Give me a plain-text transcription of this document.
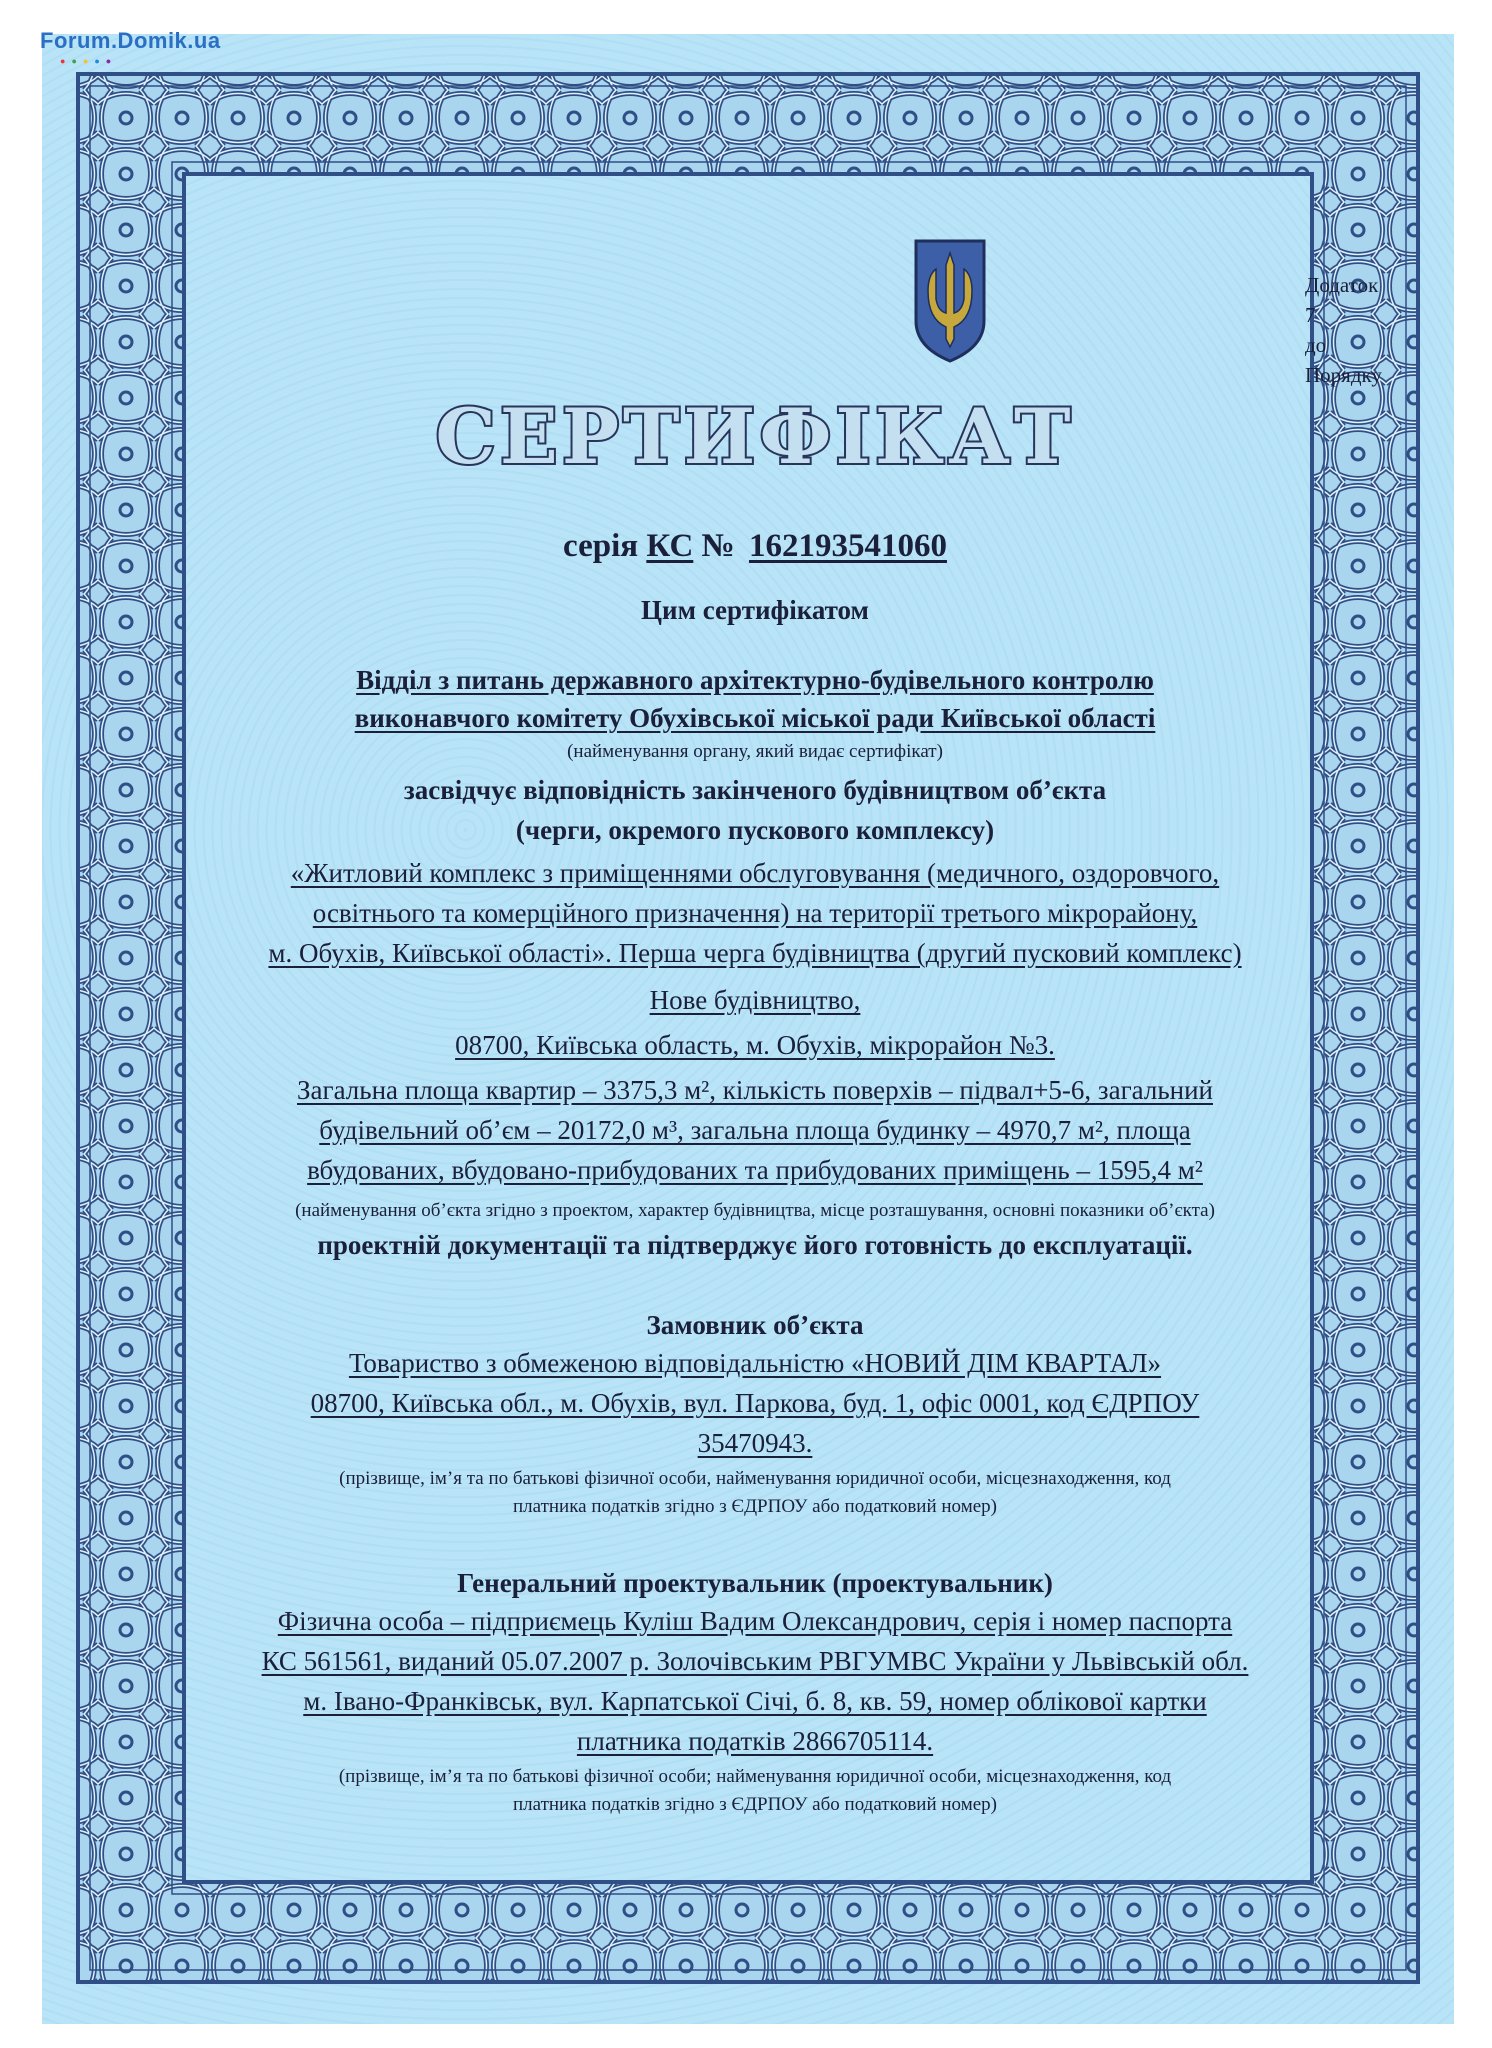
Forum.Domik.ua
●●●●●
Додаток 7
до Порядку
СЕРТИФІКАТ
серія КС № 162193541060
Цим сертифікатом
Відділ з питань державного архітектурно-будівельного контролю
виконавчого комітету Обухівської міської ради Київської області
(найменування органу, який видає сертифікат)
засвідчує відповідність закінченого будівництвом об’єкта
(черги, окремого пускового комплексу)
«Житловий комплекс з приміщеннями обслуговування (медичного, оздоровчого,
освітнього та комерційного призначення) на території третього мікрорайону,
м. Обухів, Київської області». Перша черга будівництва (другий пусковий комплекс)
Нове будівництво,
08700, Київська область, м. Обухів, мікрорайон №3.
Загальна площа квартир – 3375,3 м², кількість поверхів – підвал+5-6, загальний
будівельний об’єм – 20172,0 м³, загальна площа будинку – 4970,7 м², площа
вбудованих, вбудовано-прибудованих та прибудованих приміщень – 1595,4 м²
(найменування об’єкта згідно з проектом, характер будівництва, місце розташування, основні показники об’єкта)
проектній документації та підтверджує його готовність до експлуатації.
Замовник об’єкта
Товариство з обмеженою відповідальністю «НОВИЙ ДІМ КВАРТАЛ»
08700, Київська обл., м. Обухів, вул. Паркова, буд. 1, офіс 0001, код ЄДРПОУ
35470943.
(прізвище, ім’я та по батькові фізичної особи, найменування юридичної особи, місцезнаходження, код
платника податків згідно з ЄДРПОУ або податковий номер)
Генеральний проектувальник (проектувальник)
Фізична особа – підприємець Куліш Вадим Олександрович, серія і номер паспорта
КС 561561, виданий 05.07.2007 р. Золочівським РВГУМВС України у Львівській обл.
м. Івано-Франківськ, вул. Карпатської Січі, б. 8, кв. 59, номер облікової картки
платника податків 2866705114.
(прізвище, ім’я та по батькові фізичної особи; найменування юридичної особи, місцезнаходження, код
платника податків згідно з ЄДРПОУ або податковий номер)
